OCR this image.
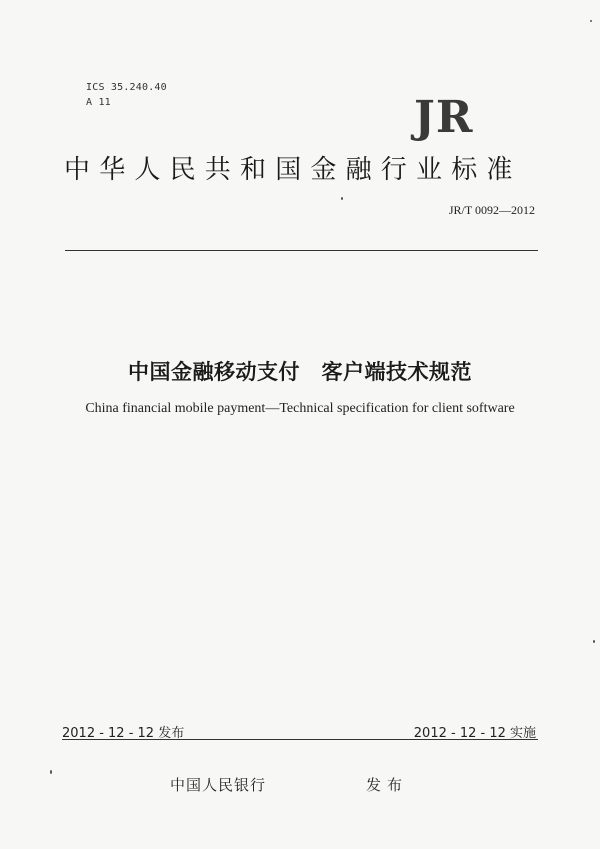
ICS 35.240.40
A 11	JR
中华人民共和国金融行业标准
JR/T 0092—2012
中国金融移动支付　客户端技术规范
China financial mobile payment—Technical specification for client software
2012 - 12 - 12 发布	2012 - 12 - 12 实施
中国人民银行	发布
